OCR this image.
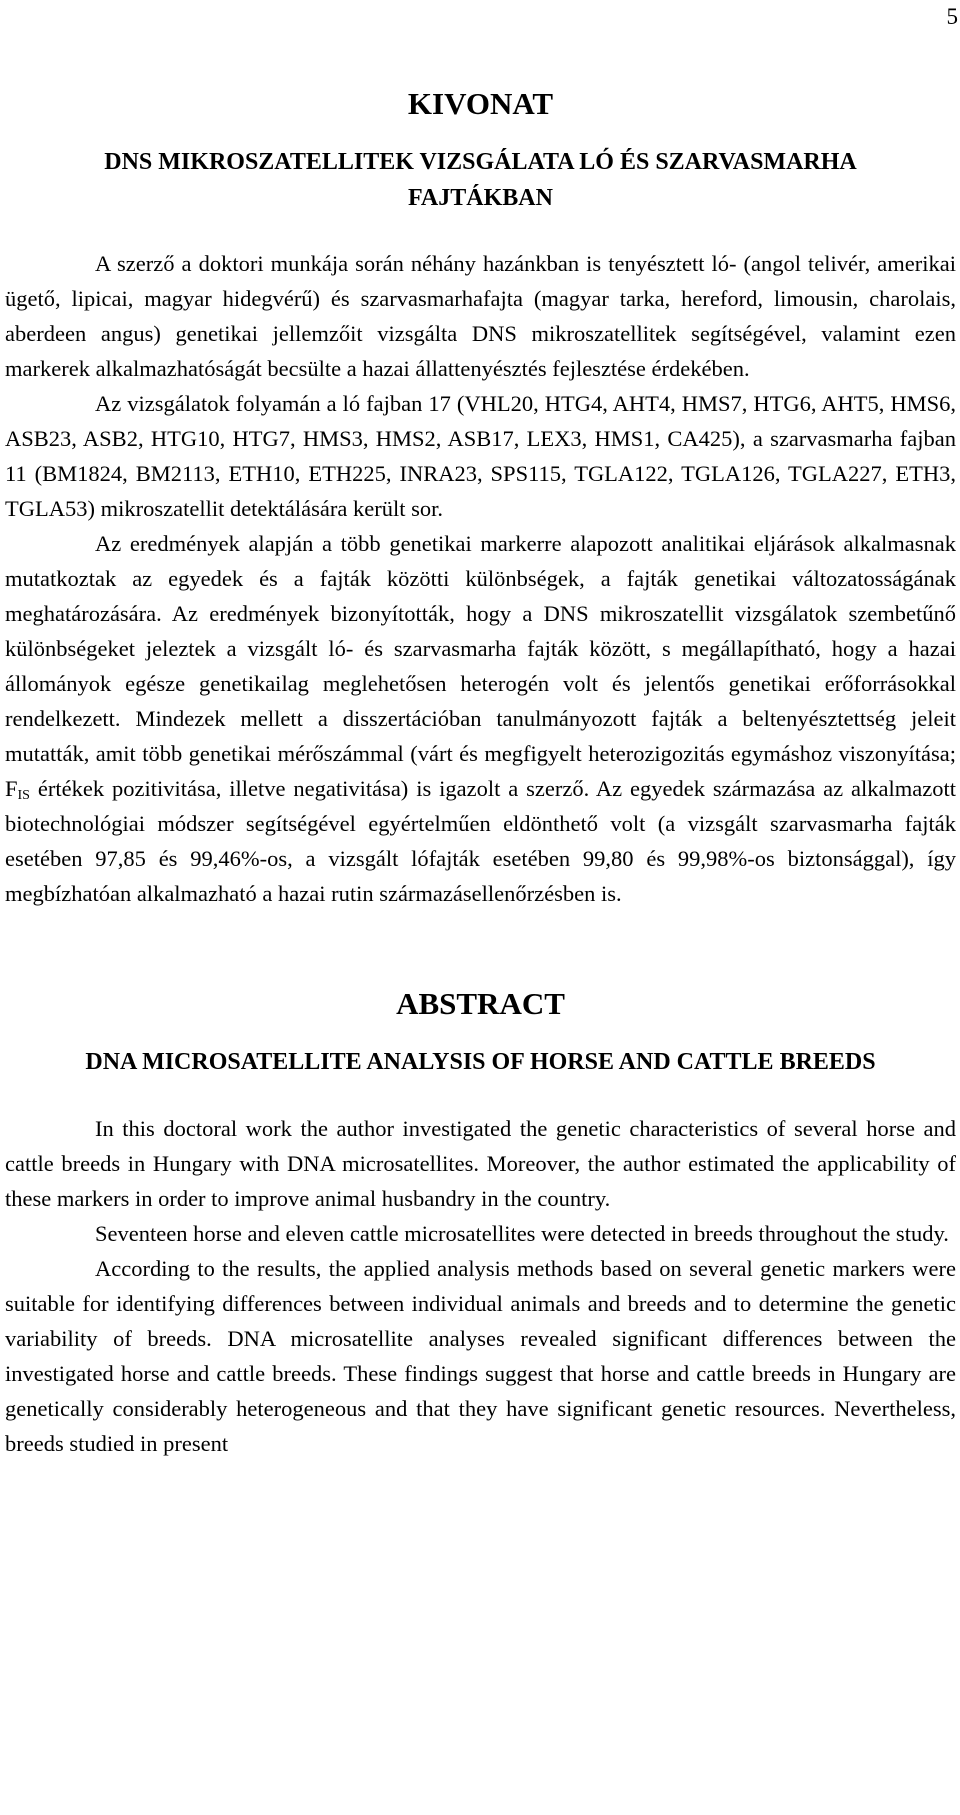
5
KIVONAT
DNS MIKROSZATELLITEK VIZSGÁLATA LÓ ÉS SZARVASMARHA FAJTÁKBAN

A szerző a doktori munkája során néhány hazánkban is tenyésztett ló- (angol telivér, amerikai ügető, lipicai, magyar hidegvérű) és szarvasmarhafajta (magyar tarka, hereford, limousin, charolais, aberdeen angus) genetikai jellemzőit vizsgálta DNS mikroszatellitek segítségével, valamint ezen markerek alkalmazhatóságát becsülte a hazai állattenyésztés fejlesztése érdekében.

Az vizsgálatok folyamán a ló fajban 17 (VHL20, HTG4, AHT4, HMS7, HTG6, AHT5, HMS6, ASB23, ASB2, HTG10, HTG7, HMS3, HMS2, ASB17, LEX3, HMS1, CA425), a szarvasmarha fajban 11 (BM1824, BM2113, ETH10, ETH225, INRA23, SPS115, TGLA122, TGLA126, TGLA227, ETH3, TGLA53) mikroszatellit detektálására került sor.

Az eredmények alapján a több genetikai markerre alapozott analitikai eljárások alkalmasnak mutatkoztak az egyedek és a fajták közötti különbségek, a fajták genetikai változatosságának meghatározására. Az eredmények bizonyították, hogy a DNS mikroszatellit vizsgálatok szembetűnő különbségeket jeleztek a vizsgált ló- és szarvasmarha fajták között, s megállapítható, hogy a hazai állományok egésze genetikailag meglehetősen heterogén volt és jelentős genetikai erőforrásokkal rendelkezett. Mindezek mellett a disszertációban tanulmányozott fajták a beltenyésztettség jeleit mutatták, amit több genetikai mérőszámmal (várt és megfigyelt heterozigozitás egymáshoz viszonyítása; $F_{IS}$ értékek pozitivitása, illetve negativitása) is igazolt a szerző. Az egyedek származása az alkalmazott biotechnológiai módszer segítségével egyértelműen eldönthető volt (a vizsgált szarvasmarha fajták esetében 97,85 és 99,46%-os, a vizsgált lófajták esetében 99,80 és 99,98%-os biztonsággal), így megbízhatóan alkalmazható a hazai rutin származásellenőrzésben is.

ABSTRACT
DNA MICROSATELLITE ANALYSIS OF HORSE AND CATTLE BREEDS

In this doctoral work the author investigated the genetic characteristics of several horse and cattle breeds in Hungary with DNA microsatellites. Moreover, the author estimated the applicability of these markers in order to improve animal husbandry in the country.

Seventeen horse and eleven cattle microsatellites were detected in breeds throughout the study.

According to the results, the applied analysis methods based on several genetic markers were suitable for identifying differences between individual animals and breeds and to determine the genetic variability of breeds. DNA microsatellite analyses revealed significant differences between the investigated horse and cattle breeds. These findings suggest that horse and cattle breeds in Hungary are genetically considerably heterogeneous and that they have significant genetic resources. Nevertheless, breeds studied in present
